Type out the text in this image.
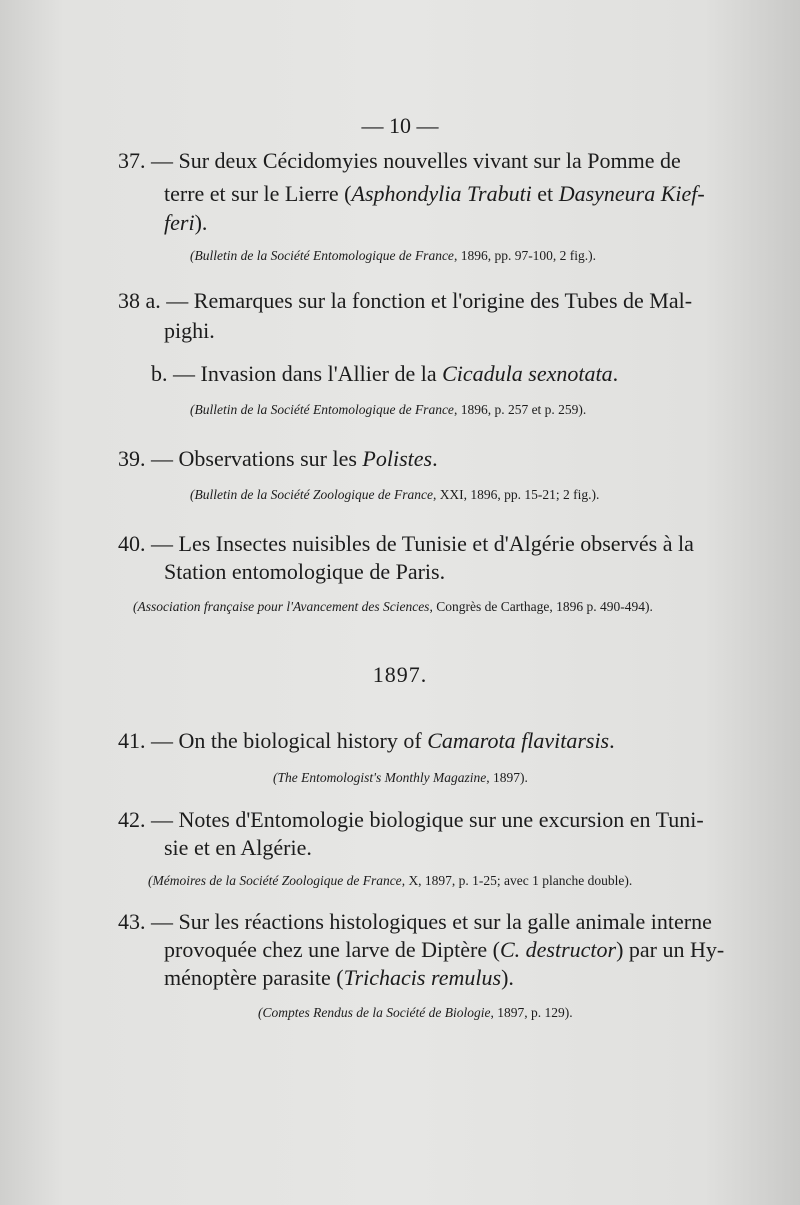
— 10 —
37. — Sur deux Cécidomyies nouvelles vivant sur la Pomme de
terre et sur le Lierre (Asphondylia Trabuti et Dasyneura Kief-
feri).
(Bulletin de la Société Entomologique de France, 1896, pp. 97-100, 2 fig.).
38 a. — Remarques sur la fonction et l'origine des Tubes de Mal-
pighi.
b. — Invasion dans l'Allier de la Cicadula sexnotata.
(Bulletin de la Société Entomologique de France, 1896, p. 257 et p. 259).
39. — Observations sur les Polistes.
(Bulletin de la Société Zoologique de France, XXI, 1896, pp. 15-21; 2 fig.).
40. — Les Insectes nuisibles de Tunisie et d'Algérie observés à la
Station entomologique de Paris.
(Association française pour l'Avancement des Sciences, Congrès de Carthage, 1896 p. 490-494).
1897.
41. — On the biological history of Camarota flavitarsis.
(The Entomologist's Monthly Magazine, 1897).
42. — Notes d'Entomologie biologique sur une excursion en Tuni-
sie et en Algérie.
(Mémoires de la Société Zoologique de France, X, 1897, p. 1-25; avec 1 planche double).
43. — Sur les réactions histologiques et sur la galle animale interne
provoquée chez une larve de Diptère (C. destructor) par un Hy-
ménoptère parasite (Trichacis remulus).
(Comptes Rendus de la Société de Biologie, 1897, p. 129).
